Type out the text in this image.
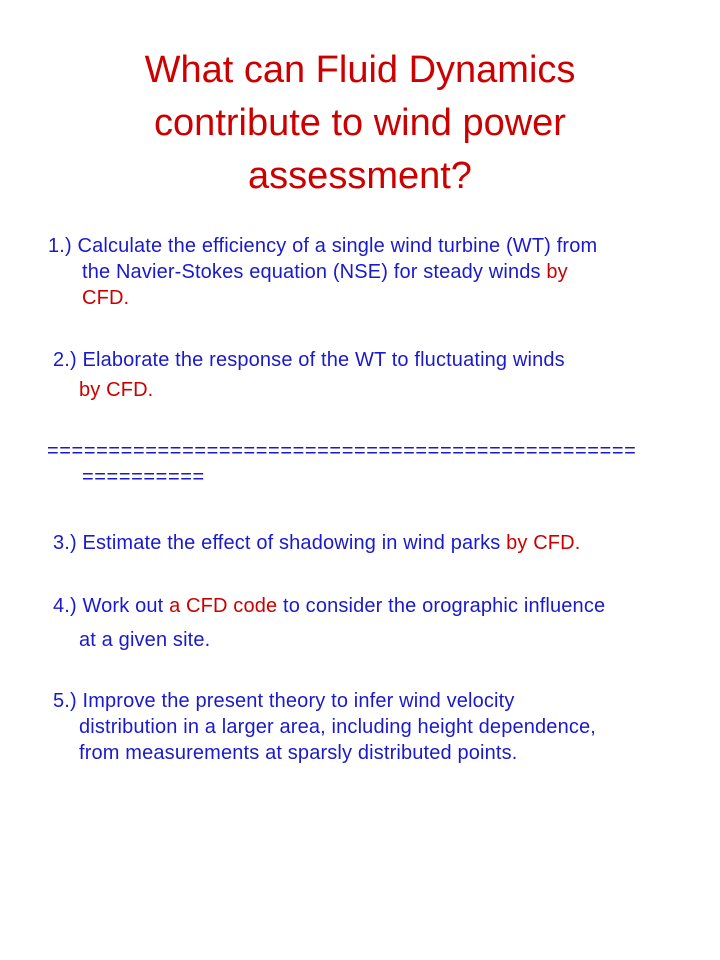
What can Fluid Dynamics
contribute to wind power
assessment?
1.) Calculate the efficiency of a single wind turbine (WT) from
the Navier-Stokes equation (NSE) for steady winds by
CFD.
2.) Elaborate the response of the WT to fluctuating winds
by CFD.
================================================
==========
3.) Estimate the effect of shadowing in wind parks by CFD.
4.) Work out a CFD code to consider the orographic influence
at a given site.
5.) Improve the present theory to infer wind velocity
distribution in a larger area, including height dependence,
from measurements at sparsly distributed points.
